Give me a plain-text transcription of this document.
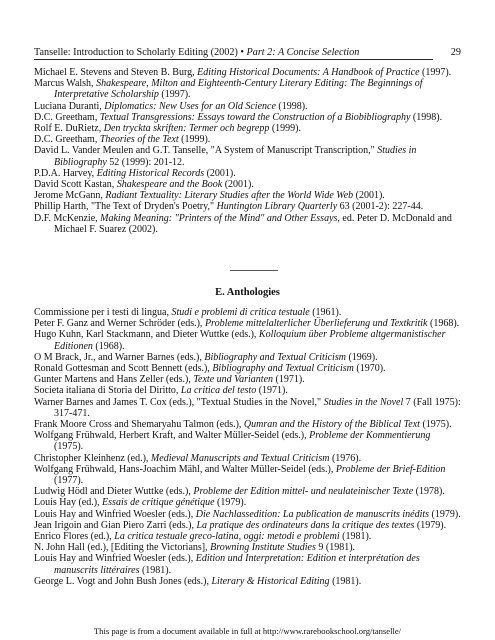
Tanselle: Introduction to Scholarly Editing (2002) • Part 2: A Concise Selection	29

Michael E. Stevens and Steven B. Burg, Editing Historical Documents: A Handbook of Practice (1997).

Marcus Walsh, Shakespeare, Milton and Eighteenth-Century Literary Editing: The Beginnings of Interpretative Scholarship (1997).

Luciana Duranti, Diplomatics: New Uses for an Old Science (1998).

D.C. Greetham, Textual Transgressions: Essays toward the Construction of a Biobibliography (1998).

Rolf E. DuRietz, Den tryckta skriften: Termer och begrepp (1999).

D.C. Greetham, Theories of the Text (1999).

David L. Vander Meulen and G.T. Tanselle, "A System of Manuscript Transcription," Studies in Bibliography 52 (1999): 201-12.

P.D.A. Harvey, Editing Historical Records (2001).

David Scott Kastan, Shakespeare and the Book (2001).

Jerome McGann, Radiant Textuality: Literary Studies after the World Wide Web (2001).

Phillip Harth, "The Text of Dryden's Poetry," Huntington Library Quarterly 63 (2001-2): 227-44.

D.F. McKenzie, Making Meaning: "Printers of the Mind" and Other Essays, ed. Peter D. McDonald and Michael F. Suarez (2002).

E. Anthologies

Commissione per i testi di lingua, Studi e problemi di critica testuale (1961).

Peter F. Ganz and Werner Schröder (eds.), Probleme mittelalterlicher Überlieferung und Textkritik (1968).

Hugo Kuhn, Karl Stackmann, and Dieter Wuttke (eds.), Kolloquium über Probleme altgermanistischer Editionen (1968).

O M Brack, Jr., and Warner Barnes (eds.), Bibliography and Textual Criticism (1969).

Ronald Gottesman and Scott Bennett (eds.), Bibliography and Textual Criticism (1970).

Gunter Martens and Hans Zeller (eds.), Texte und Varianten (1971).

Societa italiana di Storia del Diritto, La critica del testo (1971).

Warner Barnes and James T. Cox (eds.), "Textual Studies in the Novel," Studies in the Novel 7 (Fall 1975): 317-471.

Frank Moore Cross and Shemaryahu Talmon (eds.), Qumran and the History of the Biblical Text (1975).

Wolfgang Frühwald, Herbert Kraft, and Walter Müller-Seidel (eds.), Probleme der Kommentierung (1975).

Christopher Kleinhenz (ed.), Medieval Manuscripts and Textual Criticism (1976).

Wolfgang Frühwald, Hans-Joachim Mähl, and Walter Müller-Seidel (eds.), Probleme der Brief-Edition (1977).

Ludwig Hödl and Dieter Wuttke (eds.), Probleme der Edition mittel- und neulateinischer Texte (1978).

Louis Hay (ed.), Essais de critique génétique (1979).

Louis Hay and Winfried Woesler (eds.), Die Nachlassedition: La publication de manuscrits inédits (1979).

Jean Irigoin and Gian Piero Zarri (eds.), La pratique des ordinateurs dans la critique des textes (1979).

Enrico Flores (ed.), La critica testuale greco-latina, oggi: metodi e problemi (1981).

N. John Hall (ed.), [Editing the Victorians], Browning Institute Studies 9 (1981).

Louis Hay and Winfried Woesler (eds.), Edition und Interpretation: Edition et interprétation des manuscrits littéraires (1981).

George L. Vogt and John Bush Jones (eds.), Literary & Historical Editing (1981).

This page is from a document available in full at http://www.rarebookschool.org/tanselle/
